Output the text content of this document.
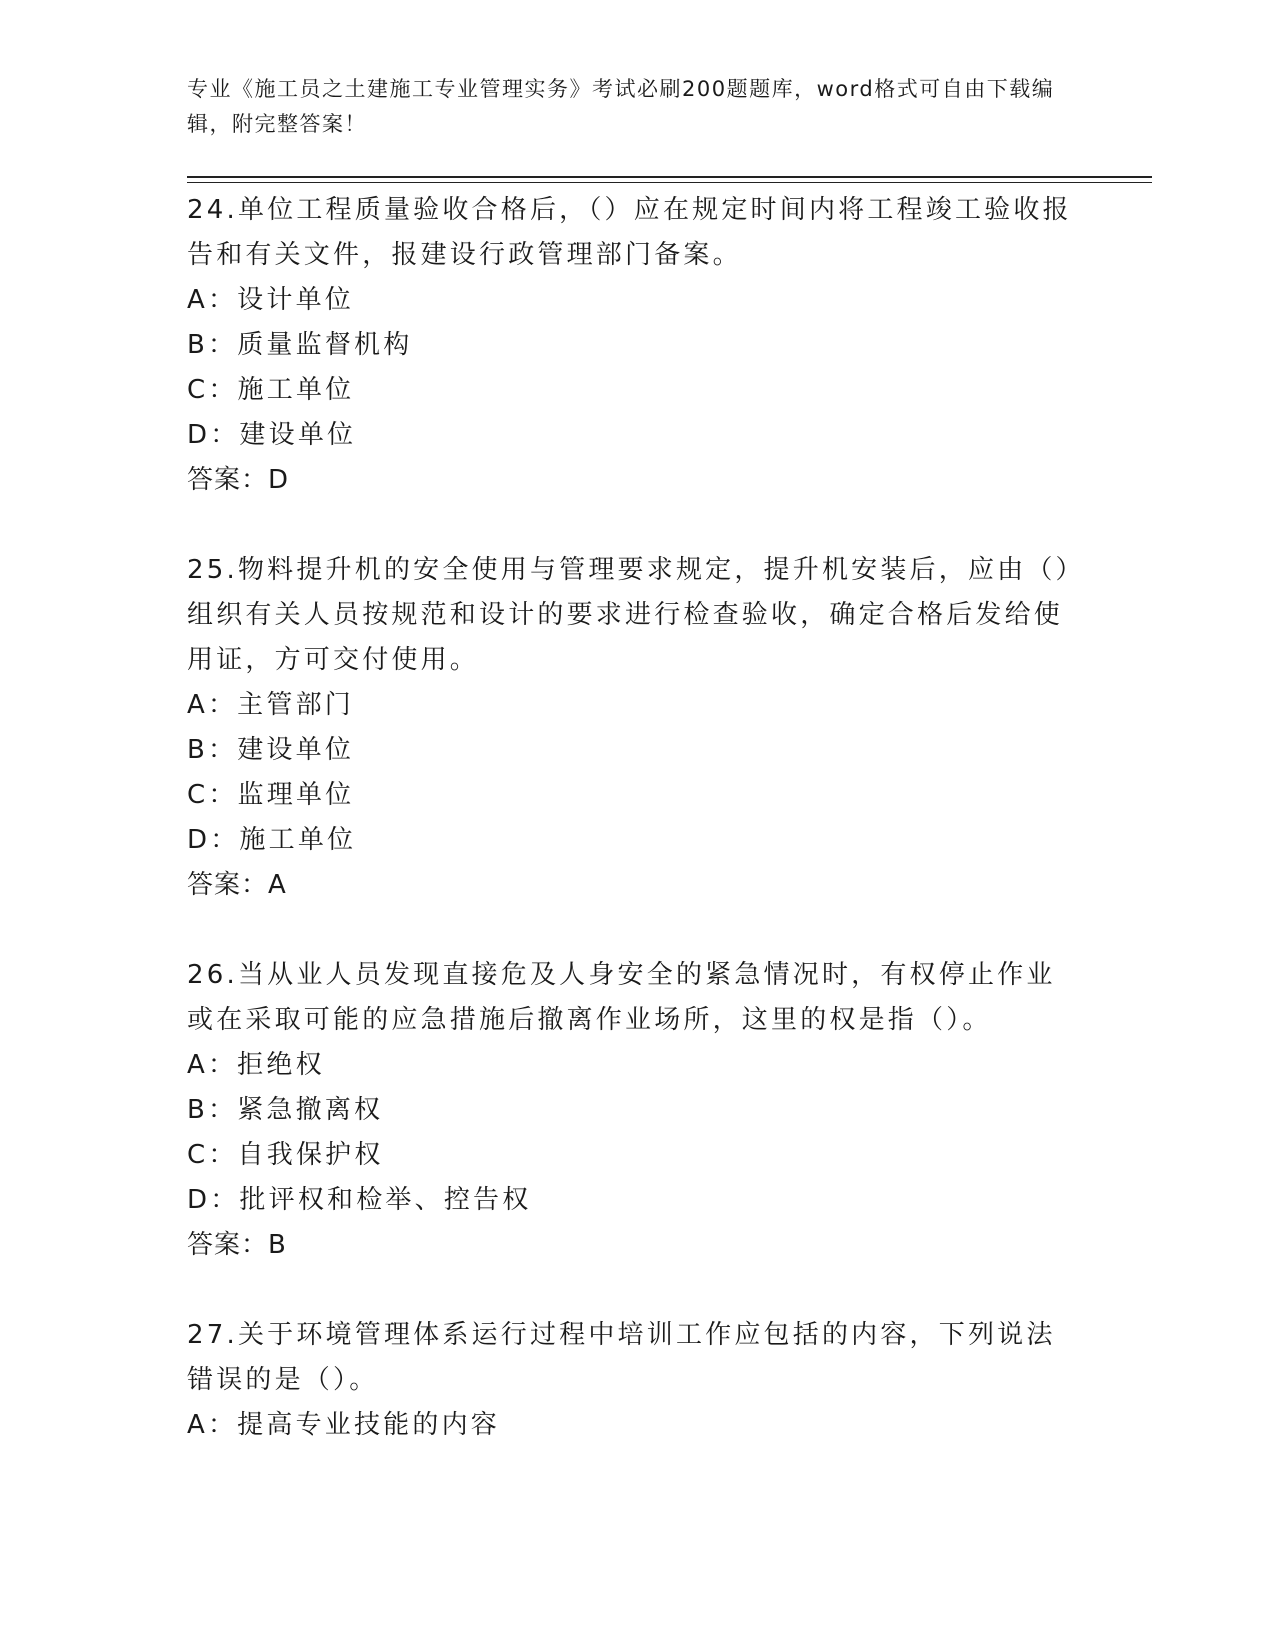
专业《施工员之土建施工专业管理实务》考试必刷200题题库，word格式可自由下载编辑，附完整答案！
24.单位工程质量验收合格后，（）应在规定时间内将工程竣工验收报告和有关文件，报建设行政管理部门备案。
A：设计单位
B：质量监督机构
C：施工单位
D：建设单位
答案：D
25.物料提升机的安全使用与管理要求规定，提升机安装后，应由（）组织有关人员按规范和设计的要求进行检查验收，确定合格后发给使用证，方可交付使用。
A：主管部门
B：建设单位
C：监理单位
D：施工单位
答案：A
26.当从业人员发现直接危及人身安全的紧急情况时，有权停止作业或在采取可能的应急措施后撤离作业场所，这里的权是指（）。
A：拒绝权
B：紧急撤离权
C：自我保护权
D：批评权和检举、控告权
答案：B
27.关于环境管理体系运行过程中培训工作应包括的内容，下列说法错误的是（）。
A：提高专业技能的内容
